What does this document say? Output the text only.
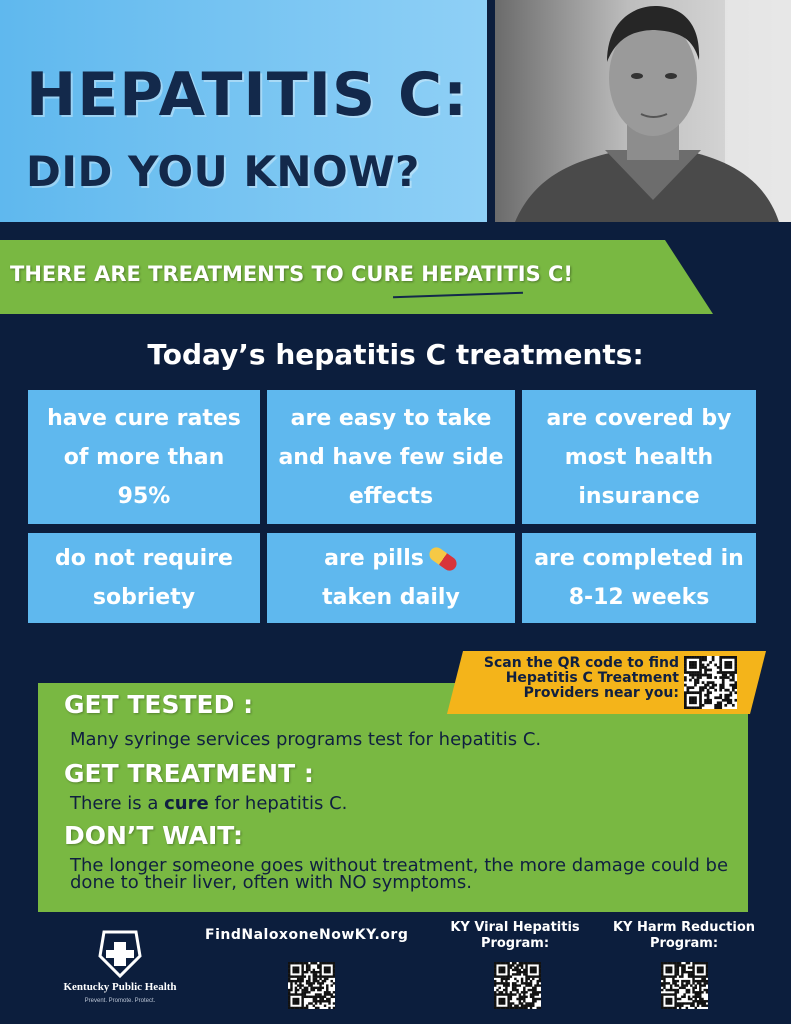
HEPATITIS C:
DID YOU KNOW?
THERE ARE TREATMENTS TO CURE HEPATITIS C!
Today’s hepatitis C treatments:
have cure rates of more than 95%
are easy to take and have few side effects
are covered by most health insurance
do not require sobriety
are pills
taken daily
are completed in 8-12 weeks
GET TESTED :
Many syringe services programs test for hepatitis C.
GET TREATMENT :
There is a cure for hepatitis C.
DON’T WAIT:
The longer someone goes without treatment, the more damage could be done to their liver, often with NO symptoms.
Scan the QR code to find Hepatitis C Treatment Providers near you:
Kentucky Public Health
Prevent. Promote. Protect.
FindNaloxoneNowKY.org	KY Viral Hepatitis Program:
KY Harm Reduction Program:
